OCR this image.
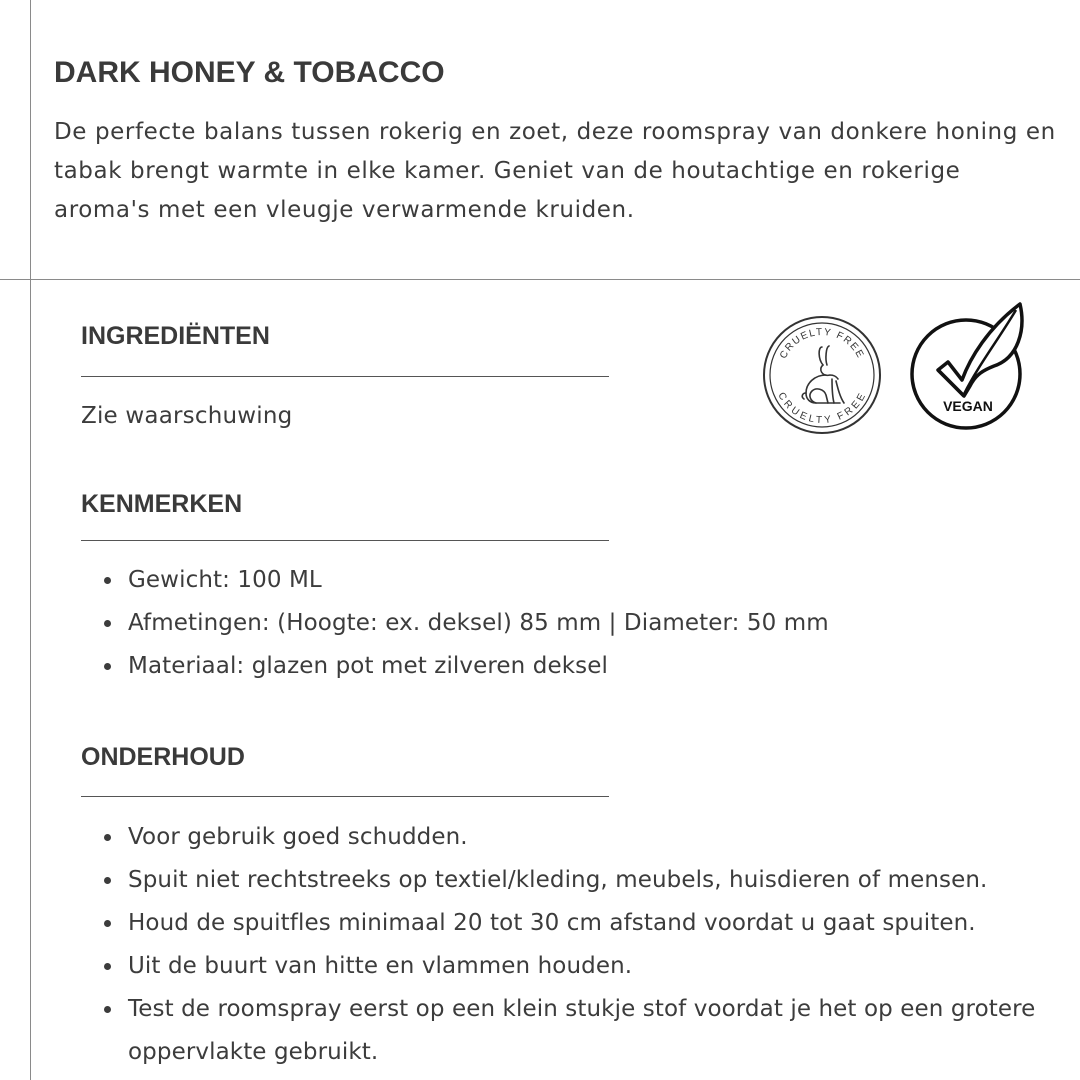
DARK HONEY & TOBACCO

De perfecte balans tussen rokerig en zoet, deze roomspray van donkere honing en tabak brengt warmte in elke kamer. Geniet van de houtachtige en rokerige aroma's met een vleugje verwarmende kruiden.

INGREDIËNTEN

Zie waarschuwing

KENMERKEN
Gewicht: 100 ML
Afmetingen: (Hoogte: ex. deksel) 85 mm | Diameter: 50 mm
Materiaal: glazen pot met zilveren deksel
ONDERHOUD
Voor gebruik goed schudden.
Spuit niet rechtstreeks op textiel/kleding, meubels, huisdieren of mensen.
Houd de spuitfles minimaal 20 tot 30 cm afstand voordat u gaat spuiten.
Uit de buurt van hitte en vlammen houden.
Test de roomspray eerst op een klein stukje stof voordat je het op een grotere oppervlakte gebruikt.
CRUELTY FREE
CRUELTY FREE
VEGAN
